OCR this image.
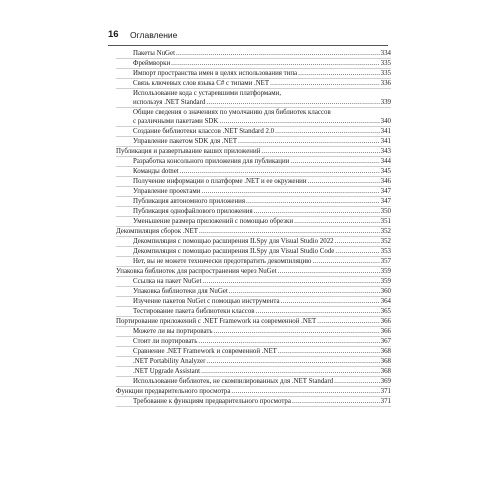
16 Оглавление
Пакеты NuGet .....	334
Фреймворки .....	335
Импорт пространства имен в целях использования типа .....	335
Связь ключевых слов языка C# с типами .NET .....	336
Использование кода с устаревшими платформами,
используя .NET Standard .....	339
Общие сведения о значениях по умолчанию для библиотек классов
с различными пакетами SDK .....	340
Создание библиотеки классов .NET Standard 2.0 .....	341
Управление пакетом SDK для .NET .....	341
Публикация и развертывание ваших приложений .....	343
Разработка консольного приложения для публикации .....	344
Команды dotnet .....	345
Получение информации о платформе .NET и ее окружении .....	346
Управление проектами .....	347
Публикация автономного приложения .....	347
Публикация однофайлового приложения .....	350
Уменьшение размера приложений с помощью обрезки .....	351
Декомпиляция сборок .NET .....	352
Декомпиляция с помощью расширения ILSpy для Visual Studio 2022 .....	352
Декомпиляция с помощью расширения ILSpy для Visual Studio Code .....	353
Нет, вы не можете технически предотвратить декомпиляцию .....	357
Упаковка библиотек для распространения через NuGet .....	359
Ссылка на пакет NuGet .....	359
Упаковка библиотеки для NuGet .....	360
Изучение пакетов NuGet с помощью инструмента .....	364
Тестирование пакета библиотеки классов .....	365
Портирование приложений с .NET Framework на современной .NET .....	366
Можете ли вы портировать .....	366
Стоит ли портировать .....	367
Сравнение .NET Framework и современной .NET .....	368
.NET Portability Analyzer .....	368
.NET Upgrade Assistant .....	368
Использование библиотек, не скомпилированных для .NET Standard .....	369
Функции предварительного просмотра .....	371
Требование к функциям предварительного просмотра .....	371
